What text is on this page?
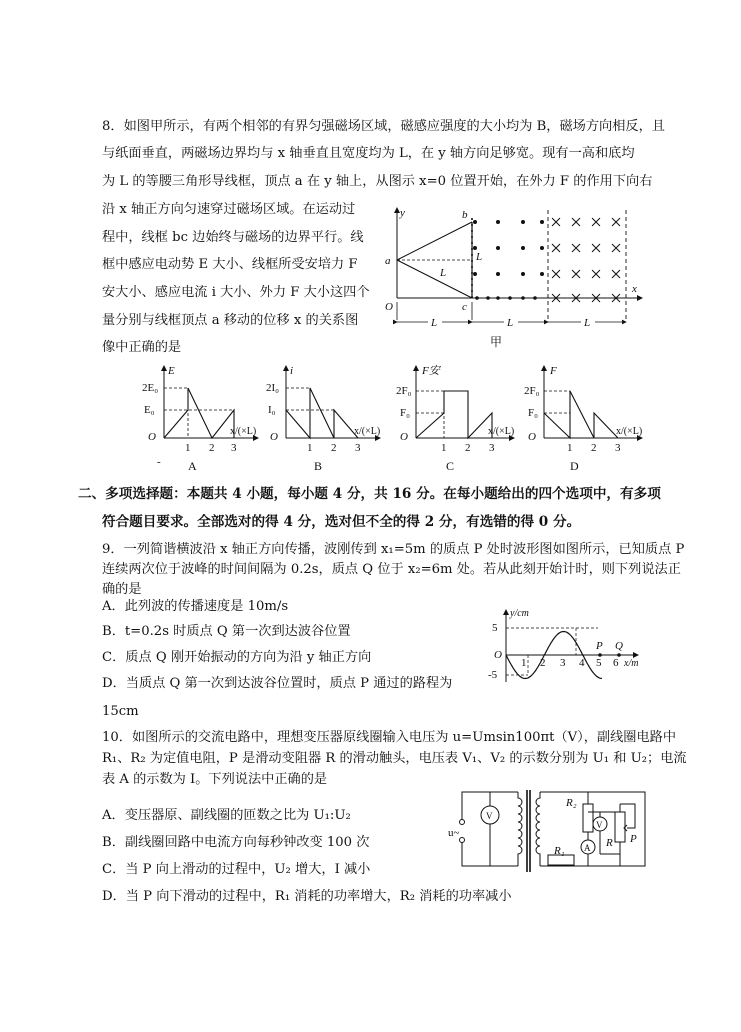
8．如图甲所示，有两个相邻的有界匀强磁场区域，磁感应强度的大小均为 B，磁场方向相反，且
与纸面垂直，两磁场边界均与 x 轴垂直且宽度均为 L，在 y 轴方向足够宽。现有一高和底均
为 L 的等腰三角形导线框，顶点 a 在 y 轴上，从图示 x=0 位置开始，在外力 F 的作用下向右
沿 x 轴正方向匀速穿过磁场区域。在运动过
程中，线框 bc 边始终与磁场的边界平行。线
框中感应电动势 E 大小、线框所受安培力 F
安大小、感应电流 i 大小、外力 F 大小这四个
量分别与线框顶点 a 移动的位移 x 的关系图
像中正确的是
y
x
O
a
b
c
L
L
L	L	L
甲
E
2E₀
E₀
O	x/(×L)
1 2 3
- A
i
2I₀
I₀
O	x/(×L)
1 2 3
B
F安
2F₀
F₀
O	x/(×L)
1 2 3
C
F
2F₀
F₀
O	x/(×L)
1 2 3
D
二、多项选择题：本题共 4 小题，每小题 4 分，共 16 分。在每小题给出的四个选项中，有多项
符合题目要求。全部选对的得 4 分，选对但不全的得 2 分，有选错的得 0 分。
9．一列简谐横波沿 x 轴正方向传播，波刚传到 x₁=5m 的质点 P 处时波形图如图所示，已知质点 P
连续两次位于波峰的时间间隔为 0.2s，质点 Q 位于 x₂=6m 处。若从此刻开始计时，则下列说法正
确的是
A．此列波的传播速度是 10m/s
B．t=0.2s 时质点 Q 第一次到达波谷位置
C．质点 Q 刚开始振动的方向为沿 y 轴正方向
D．当质点 Q 第一次到达波谷位置时，质点 P 通过的路程为
15cm
y/cm
x/m
5
-5
O
1 2 3 4 5 6
P Q
10．如图所示的交流电路中，理想变压器原线圈输入电压为 u=Umsin100πt（V），副线圈电路中
R₁、R₂ 为定值电阻，P 是滑动变阻器 R 的滑动触头，电压表 V₁、V₂ 的示数分别为 U₁ 和 U₂；电流
表 A 的示数为 I。下列说法中正确的是
A．变压器原、副线圈的匝数之比为 U₁:U₂
B．副线圈回路中电流方向每秒钟改变 100 次
C．当 P 向上滑动的过程中，U₂ 增大，I 减小
D．当 P 向下滑动的过程中，R₁ 消耗的功率增大，R₂ 消耗的功率减小
u~
V
V
A
R₂
R P
R₁
